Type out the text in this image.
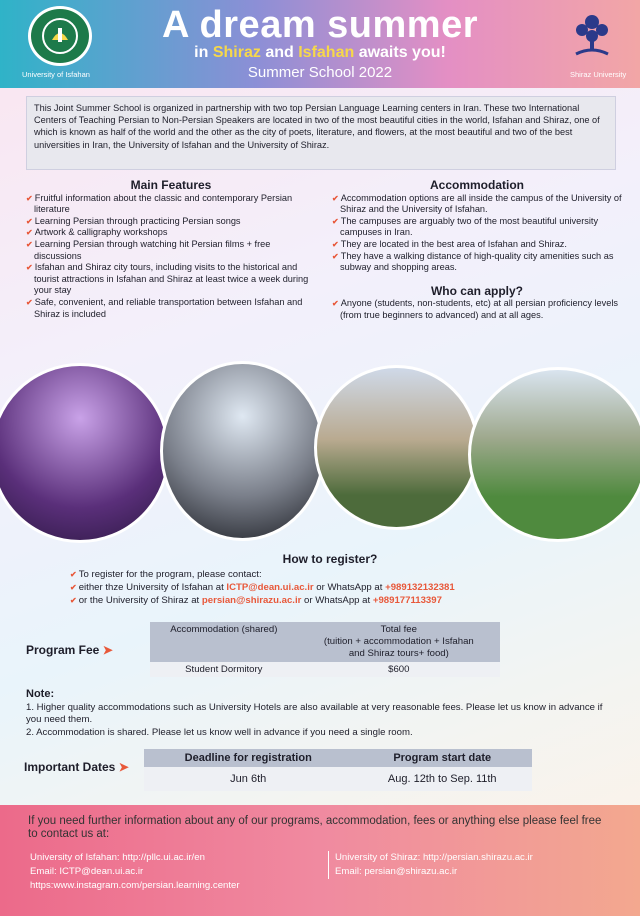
University of Isfahan	Shiraz University
A dream summer
in Shiraz and Isfahan awaits you!
Summer School 2022
This Joint Summer School is organized in partnership with two top Persian Language Learning centers in Iran. These two International Centers of Teaching Persian to Non-Persian Speakers are located in two of the most beautiful cities in the world, Isfahan and Shiraz, one of which is known as half of the world and the other as the city of poets, literature, and flowers, at the most beautiful and two of the best universities in Iran, the University of Isfahan and the University of Shiraz.
Main Features
✔ Fruitful information about the classic and contemporary Persian literature
✔ Learning Persian through practicing Persian songs
✔ Artwork & calligraphy workshops
✔ Learning Persian through watching hit Persian films + free discussions
✔ Isfahan and Shiraz city tours, including visits to the historical and tourist attractions in Isfahan and Shiraz at least twice a week during your stay
✔ Safe, convenient, and reliable transportation between Isfahan and Shiraz is included
Accommodation
✔ Accommodation options are all inside the campus of the University of Shiraz and the University of Isfahan.
✔ The campuses are arguably two of the most beautiful university campuses in Iran.
✔ They are located in the best area of Isfahan and Shiraz.
✔ They have a walking distance of high-quality city amenities such as subway and shopping areas.
Who can apply?
✔ Anyone (students, non-students, etc) at all persian proficiency levels (from true beginners to advanced) and at all ages.
How to register?
✔ To register for the program, please contact:
✔ either thze University of Isfahan at ICTP@dean.ui.ac.ir or WhatsApp at +989132132381
✔ or the University of Shiraz at persian@shirazu.ac.ir or WhatsApp at +989177113397
Program Fee ➤
Accommodation (shared)	Total fee
(tuition + accommodation + Isfahan
and Shiraz tours+ food)
Student Dormitory	$600
Note:
1. Higher quality accommodations such as University Hotels are also available at very reasonable fees. Please let us know in advance if you need them.
2. Accommodation is shared. Please let us know well in advance if you need a single room.
Important Dates ➤
Deadline for registration	Program start date
Jun 6th	Aug. 12th to Sep. 11th
If you need further information about any of our programs, accommodation, fees or anything else please feel free to contact us at:
University of Isfahan: http://pllc.ui.ac.ir/en
Email: ICTP@dean.ui.ac.ir
https:www.instagram.com/persian.learning.center
University of Shiraz: http://persian.shirazu.ac.ir
Email: persian@shirazu.ac.ir
